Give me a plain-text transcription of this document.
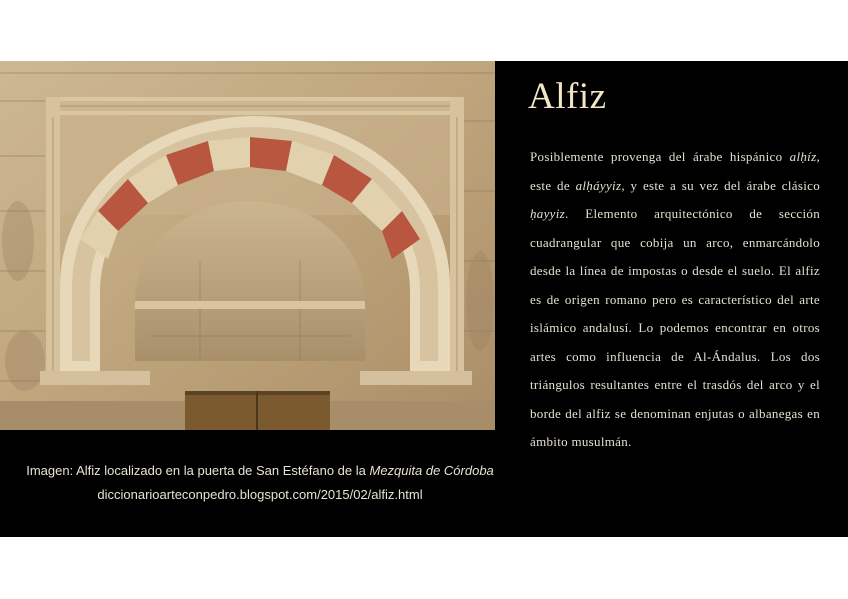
Imagen: Alfiz localizado en la puerta de San Estéfano de la Mezquita de Córdoba
diccionarioarteconpedro.blogspot.com/2015/02/alfiz.html
Alfiz
Posiblemente provenga del árabe hispánico alḥíz, este de alḥáyyiz, y este a su vez del árabe clásico ḥayyiz. Elemento arquitectónico de sección cuadrangular que cobija un arco, enmarcándolo desde la línea de impostas o desde el suelo. El alfiz es de origen romano pero es característico del arte islámico andalusí. Lo podemos encontrar en otros artes como influencia de Al-Ándalus. Los dos triángulos resultantes entre el trasdós del arco y el borde del alfiz se denominan enjutas o albanegas en ámbito musulmán.
